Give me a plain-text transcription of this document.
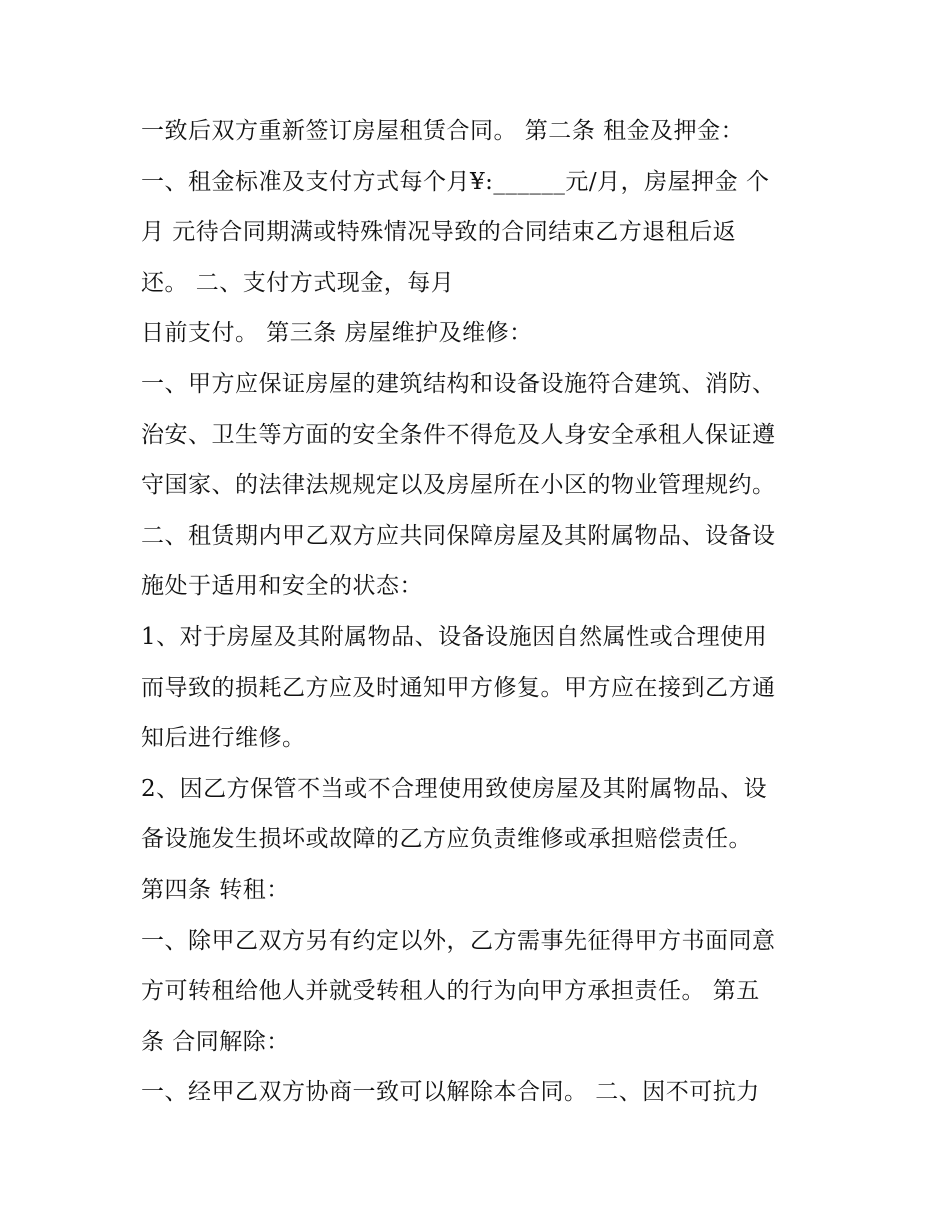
一致后双方重新签订房屋租赁合同。 第二条 租金及押金：
一、租金标准及支付方式每个月¥:______元/月，房屋押金 个
月 元待合同期满或特殊情况导致的合同结束乙方退租后返
还。 二、支付方式现金，每月
日前支付。 第三条 房屋维护及维修：
一、甲方应保证房屋的建筑结构和设备设施符合建筑、消防、
治安、卫生等方面的安全条件不得危及人身安全承租人保证遵
守国家、的法律法规规定以及房屋所在小区的物业管理规约。
二、租赁期内甲乙双方应共同保障房屋及其附属物品、设备设
施处于适用和安全的状态：
1、对于房屋及其附属物品、设备设施因自然属性或合理使用
而导致的损耗乙方应及时通知甲方修复。甲方应在接到乙方通
知后进行维修。
2、因乙方保管不当或不合理使用致使房屋及其附属物品、设
备设施发生损坏或故障的乙方应负责维修或承担赔偿责任。
第四条 转租：
一、除甲乙双方另有约定以外，乙方需事先征得甲方书面同意
方可转租给他人并就受转租人的行为向甲方承担责任。 第五
条 合同解除：
一、经甲乙双方协商一致可以解除本合同。 二、因不可抗力
